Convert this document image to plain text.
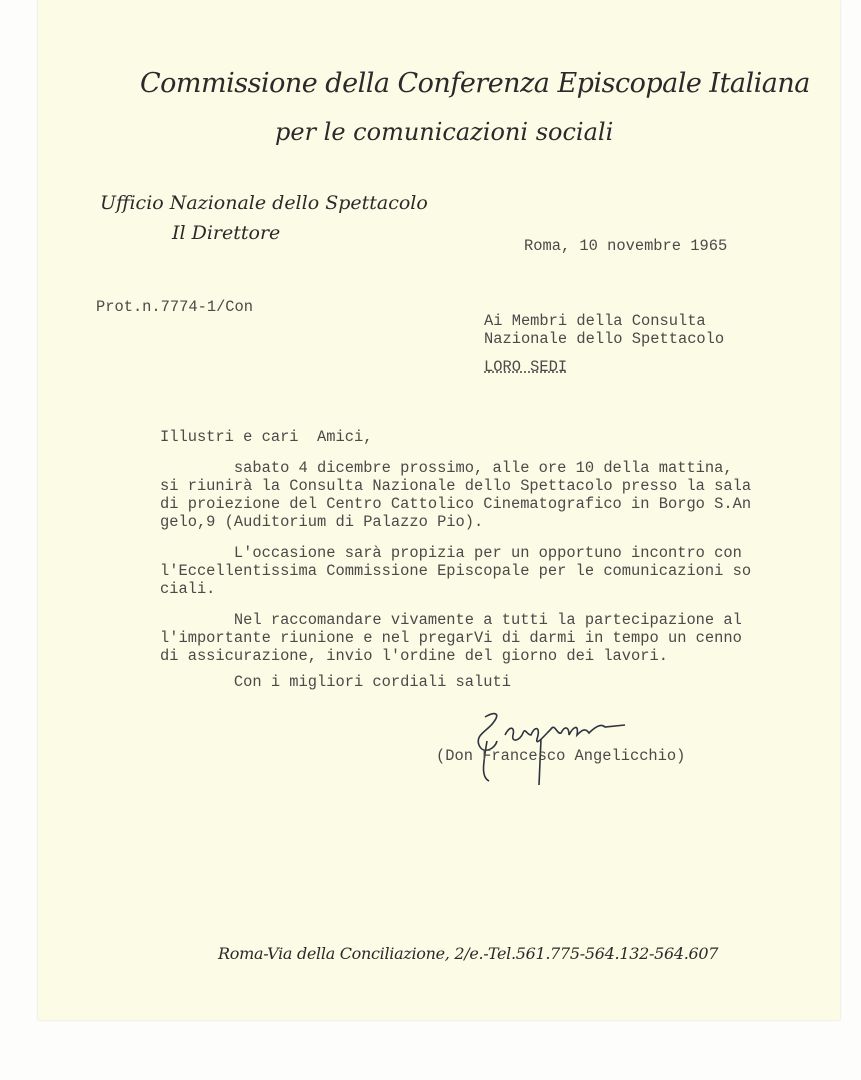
Commissione della Conferenza Episcopale Italiana
per le comunicazioni sociali
Ufficio Nazionale dello Spettacolo
Il Direttore
Roma, 10 novembre 1965
Prot.n.7774-1/Con
Ai Membri della Consulta
Nazionale dello Spettacolo
LORO SEDI
Illustri e cari  Amici,
sabato 4 dicembre prossimo, alle ore 10 della mattina,
si riunirà la Consulta Nazionale dello Spettacolo presso la sala
di proiezione del Centro Cattolico Cinematografico in Borgo S.An
gelo,9 (Auditorium di Palazzo Pio).
L'occasione sarà propizia per un opportuno incontro con
l'Eccellentissima Commissione Episcopale per le comunicazioni so
ciali.
Nel raccomandare vivamente a tutti la partecipazione al
l'importante riunione e nel pregarVi di darmi in tempo un cenno
di assicurazione, invio l'ordine del giorno dei lavori.
Con i migliori cordiali saluti
(Don Francesco Angelicchio)
Roma-Via della Conciliazione, 2/e.-Tel.561.775-564.132-564.607
